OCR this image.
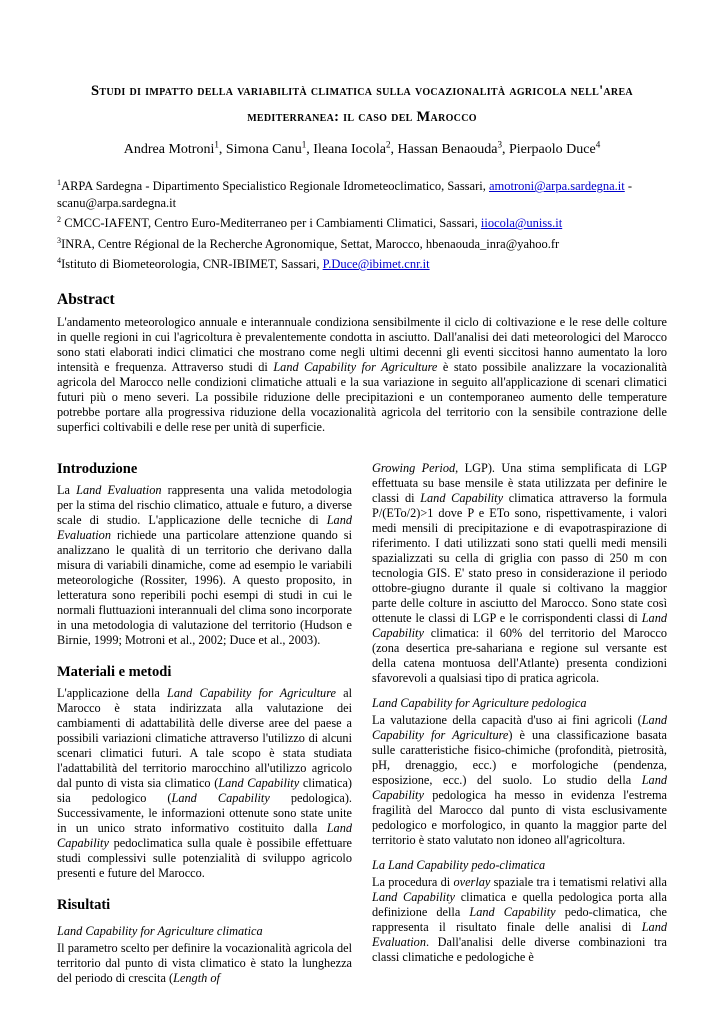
Studi di impatto della variabilità climatica sulla vocazionalità agricola nell'area mediterranea: il caso del Marocco

Andrea Motroni$^1$, Simona Canu$^1$, Ileana Iocola$^2$, Hassan Benaouda$^3$, Pierpaolo Duce$^4$

$^1$ARPA Sardegna - Dipartimento Specialistico Regionale Idrometeoclimatico, Sassari, amotroni@arpa.sardegna.it - scanu@arpa.sardegna.it

$^2$ CMCC-IAFENT, Centro Euro-Mediterraneo per i Cambiamenti Climatici, Sassari, iiocola@uniss.it

$^3$INRA, Centre Régional de la Recherche Agronomique, Settat, Marocco, hbenaouda_inra@yahoo.fr

$^4$Istituto di Biometeorologia, CNR-IBIMET, Sassari, P.Duce@ibimet.cnr.it

Abstract

L'andamento meteorologico annuale e interannuale condiziona sensibilmente il ciclo di coltivazione e le rese delle colture in quelle regioni in cui l'agricoltura è prevalentemente condotta in asciutto. Dall'analisi dei dati meteorologici del Marocco sono stati elaborati indici climatici che mostrano come negli ultimi decenni gli eventi siccitosi hanno aumentato la loro intensità e frequenza. Attraverso studi di Land Capability for Agriculture è stato possibile analizzare la vocazionalità agricola del Marocco nelle condizioni climatiche attuali e la sua variazione in seguito all'applicazione di scenari climatici futuri più o meno severi. La possibile riduzione delle precipitazioni e un contemporaneo aumento delle temperature potrebbe portare alla progressiva riduzione della vocazionalità agricola del territorio con la sensibile contrazione delle superfici coltivabili e delle rese per unità di superficie.

Introduzione

La Land Evaluation rappresenta una valida metodologia per la stima del rischio climatico, attuale e futuro, a diverse scale di studio. L'applicazione delle tecniche di Land Evaluation richiede una particolare attenzione quando si analizzano le qualità di un territorio che derivano dalla misura di variabili dinamiche, come ad esempio le variabili meteorologiche (Rossiter, 1996). A questo proposito, in letteratura sono reperibili pochi esempi di studi in cui le normali fluttuazioni interannuali del clima sono incorporate in una metodologia di valutazione del territorio (Hudson e Birnie, 1999; Motroni et al., 2002; Duce et al., 2003).

Materiali e metodi

L'applicazione della Land Capability for Agriculture al Marocco è stata indirizzata alla valutazione dei cambiamenti di adattabilità delle diverse aree del paese a possibili variazioni climatiche attraverso l'utilizzo di alcuni scenari climatici futuri. A tale scopo è stata studiata l'adattabilità del territorio marocchino all'utilizzo agricolo dal punto di vista sia climatico (Land Capability climatica) sia pedologico (Land Capability pedologica). Successivamente, le informazioni ottenute sono state unite in un unico strato informativo costituito dalla Land Capability pedoclimatica sulla quale è possibile effettuare studi complessivi sulle potenzialità di sviluppo agricolo presenti e future del Marocco.

Risultati

Land Capability for Agriculture climatica

Il parametro scelto per definire la vocazionalità agricola del territorio dal punto di vista climatico è stato la lunghezza del periodo di crescita (Length of

Growing Period, LGP). Una stima semplificata di LGP effettuata su base mensile è stata utilizzata per definire le classi di Land Capability climatica attraverso la formula P/(ETo/2)>1 dove P e ETo sono, rispettivamente, i valori medi mensili di precipitazione e di evapotraspirazione di riferimento. I dati utilizzati sono stati quelli medi mensili spazializzati su cella di griglia con passo di 250 m con tecnologia GIS. E' stato preso in considerazione il periodo ottobre-giugno durante il quale si coltivano la maggior parte delle colture in asciutto del Marocco. Sono state così ottenute le classi di LGP e le corrispondenti classi di Land Capability climatica: il 60% del territorio del Marocco (zona desertica pre-sahariana e regione sul versante est della catena montuosa dell'Atlante) presenta condizioni sfavorevoli a qualsiasi tipo di pratica agricola.

Land Capability for Agriculture pedologica

La valutazione della capacità d'uso ai fini agricoli (Land Capability for Agriculture) è una classificazione basata sulle caratteristiche fisico-chimiche (profondità, pietrosità, pH, drenaggio, ecc.) e morfologiche (pendenza, esposizione, ecc.) del suolo. Lo studio della Land Capability pedologica ha messo in evidenza l'estrema fragilità del Marocco dal punto di vista esclusivamente pedologico e morfologico, in quanto la maggior parte del territorio è stato valutato non idoneo all'agricoltura.

La Land Capability pedo-climatica

La procedura di overlay spaziale tra i tematismi relativi alla Land Capability climatica e quella pedologica porta alla definizione della Land Capability pedo-climatica, che rappresenta il risultato finale delle analisi di Land Evaluation. Dall'analisi delle diverse combinazioni tra classi climatiche e pedologiche è
